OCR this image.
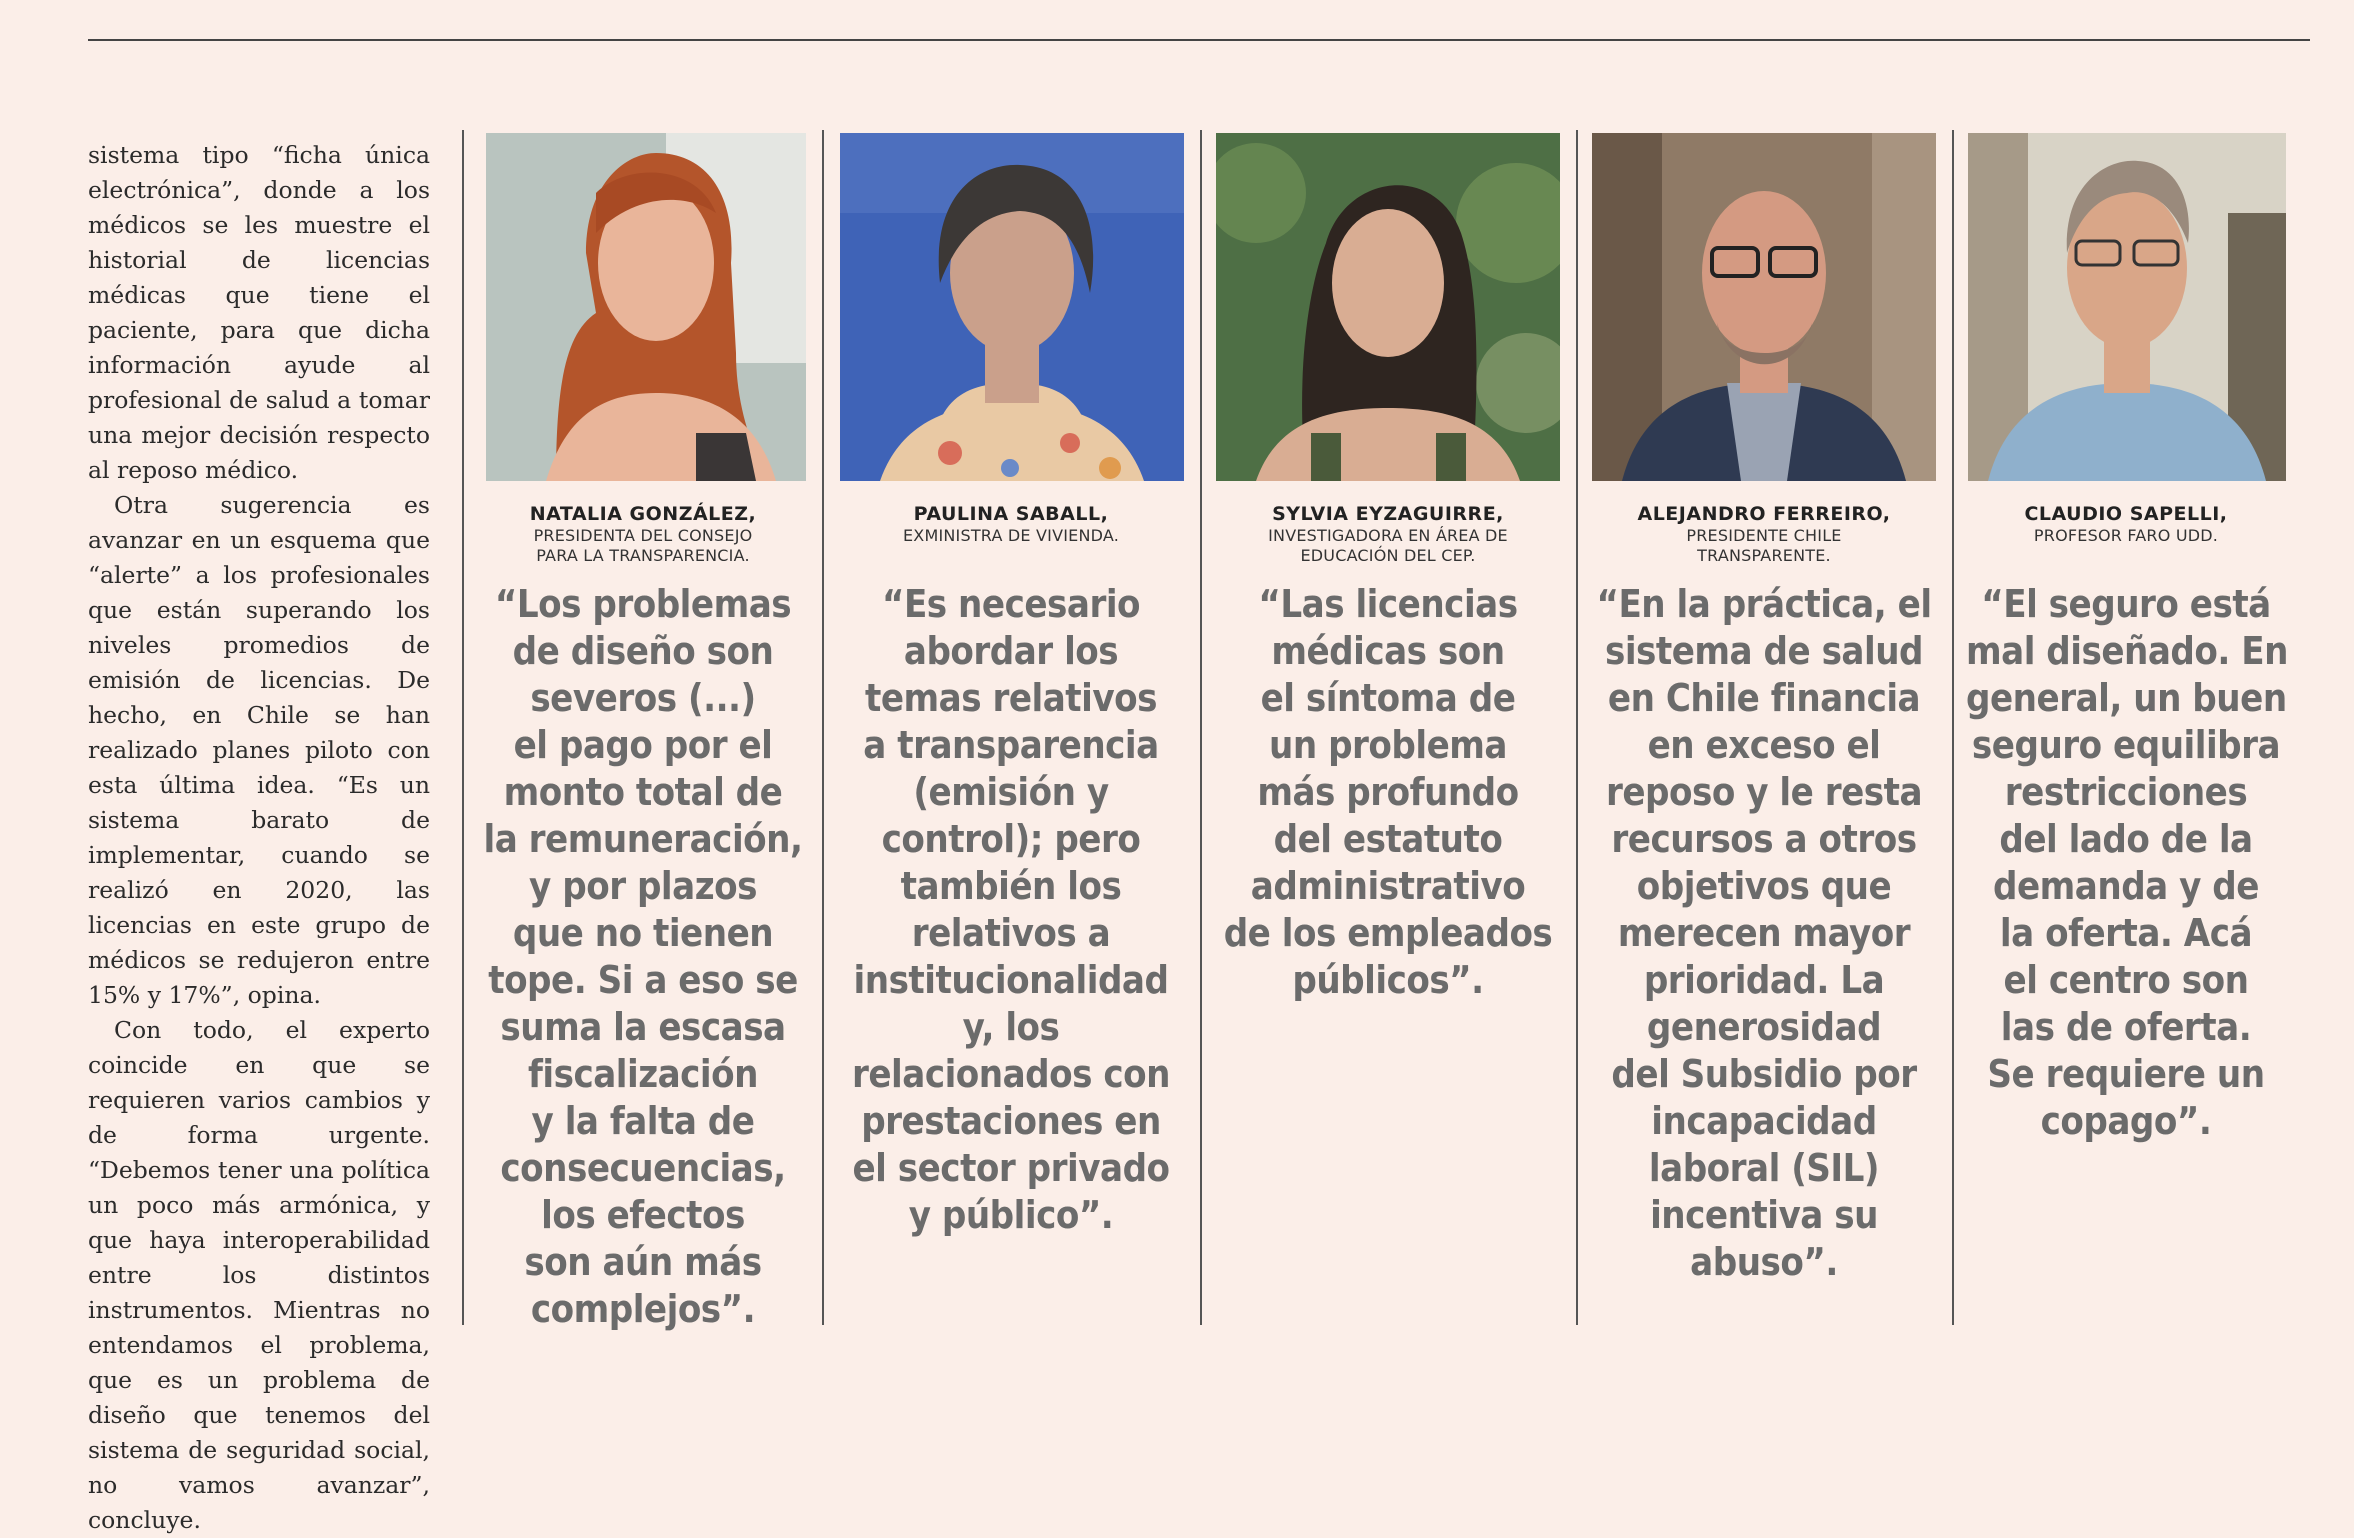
sistema tipo “ficha única electrónica”, donde a los médicos se les muestre el historial de licencias médicas que tiene el paciente, para que dicha información ayude al profesional de salud a tomar una mejor decisión respecto al reposo médico.

Otra sugerencia es avanzar en un esquema que “alerte” a los profesionales que están superando los niveles promedios de emisión de licencias. De hecho, en Chile se han realizado planes piloto con esta última idea. “Es un sistema barato de implementar, cuando se realizó en 2020, las licencias en este grupo de médicos se redujeron entre 15% y 17%”, opina.

Con todo, el experto coincide en que se requieren varios cambios y de forma urgente. “Debemos tener una política un poco más armónica, y que haya interoperabilidad entre los distintos instrumentos. Mientras no entendamos el problema, que es un problema de diseño que tenemos del sistema de seguridad social, no vamos avanzar”, concluye.

NATALIA GONZÁLEZ,
PRESIDENTA DEL CONSEJO
PARA LA TRANSPARENCIA.
“Los problemas
de diseño son
severos (...)
el pago por el
monto total de
la remuneración,
y por plazos
que no tienen
tope. Si a eso se
suma la escasa
fiscalización
y la falta de
consecuencias,
los efectos
son aún más
complejos”.
PAULINA SABALL,
EXMINISTRA DE VIVIENDA.
“Es necesario
abordar los
temas relativos
a transparencia
(emisión y
control); pero
también los
relativos a
institucionalidad
y, los
relacionados con
prestaciones en
el sector privado
y público”.
SYLVIA EYZAGUIRRE,
INVESTIGADORA EN ÁREA DE
EDUCACIÓN DEL CEP.
“Las licencias
médicas son
el síntoma de
un problema
más profundo
del estatuto
administrativo
de los empleados
públicos”.
ALEJANDRO FERREIRO,
PRESIDENTE CHILE
TRANSPARENTE.
“En la práctica, el
sistema de salud
en Chile financia
en exceso el
reposo y le resta
recursos a otros
objetivos que
merecen mayor
prioridad. La
generosidad
del Subsidio por
incapacidad
laboral (SIL)
incentiva su
abuso”.
CLAUDIO SAPELLI,
PROFESOR FARO UDD.
“El seguro está
mal diseñado. En
general, un buen
seguro equilibra
restricciones
del lado de la
demanda y de
la oferta. Acá
el centro son
las de oferta.
Se requiere un
copago”.
